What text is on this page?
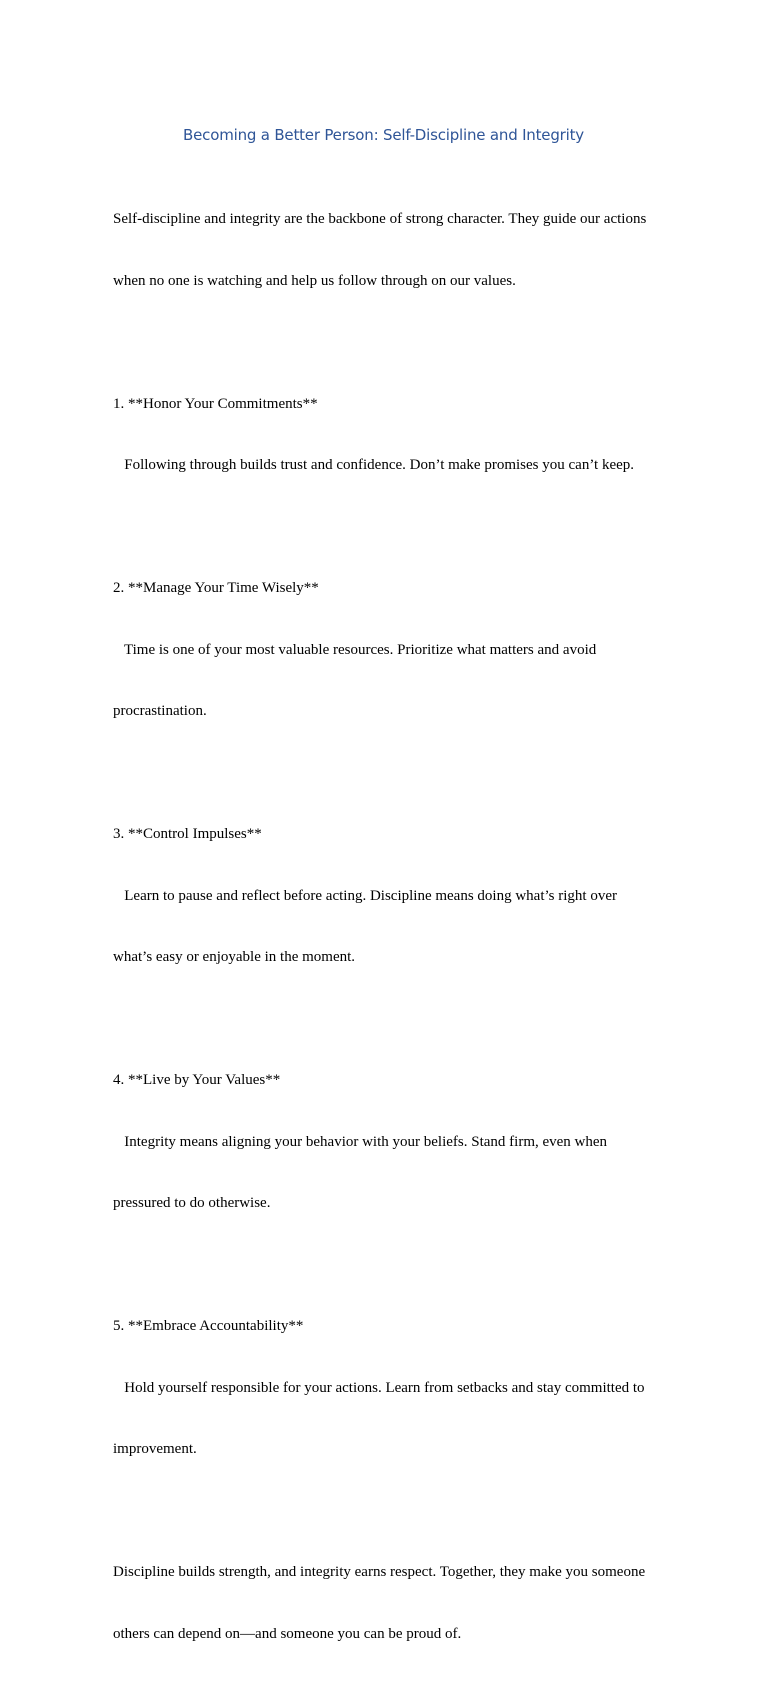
Becoming a Better Person: Self-Discipline and Integrity

Self-discipline and integrity are the backbone of strong character. They guide our actions

when no one is watching and help us follow through on our values.

1. **Honor Your Commitments**

Following through builds trust and confidence. Don’t make promises you can’t keep.

2. **Manage Your Time Wisely**

Time is one of your most valuable resources. Prioritize what matters and avoid

procrastination.

3. **Control Impulses**

Learn to pause and reflect before acting. Discipline means doing what’s right over

what’s easy or enjoyable in the moment.

4. **Live by Your Values**

Integrity means aligning your behavior with your beliefs. Stand firm, even when

pressured to do otherwise.

5. **Embrace Accountability**

Hold yourself responsible for your actions. Learn from setbacks and stay committed to

improvement.

Discipline builds strength, and integrity earns respect. Together, they make you someone

others can depend on—and someone you can be proud of.
